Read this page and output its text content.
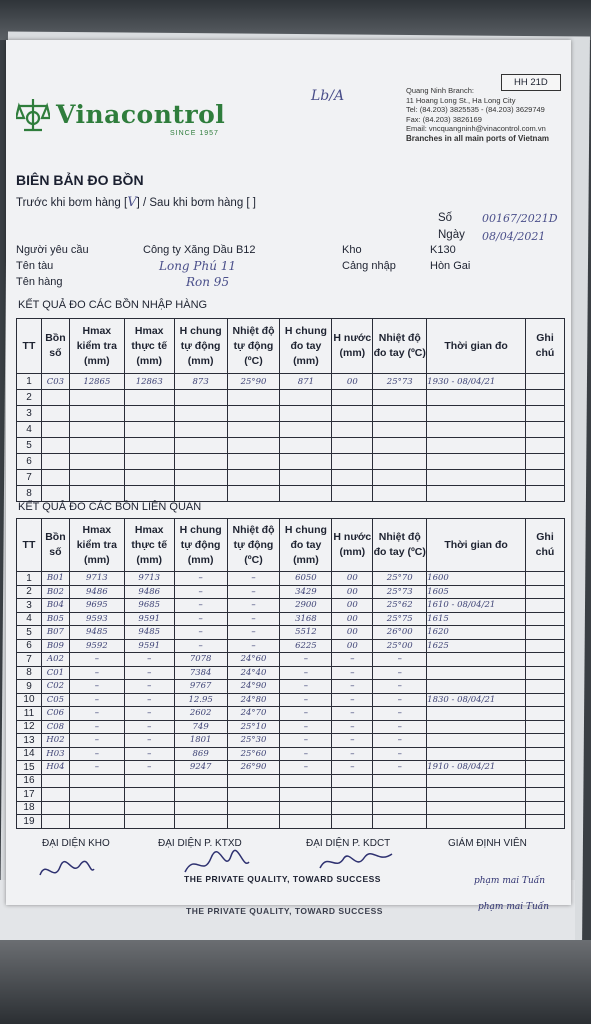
Vinacontrol
SINCE 1957
Lb/A	Quang Ninh Branch:
11 Hoang Long St., Ha Long City
Tel: (84.203) 3825535 - (84.203) 3629749
Fax: (84.203) 3826169
Email: vncquangninh@vinacontrol.com.vn
Branches in all main ports of Vietnam
HH 21D
BIÊN BẢN ĐO BỒN
Trước khi bơm hàng [V] / Sau khi bơm hàng [ ]
Số	00167/2021D
Ngày 08/04/2021
Người yêu cầu	Công ty Xăng Dầu B12
Tên tàu	Long Phú 11
Tên hàng	Ron 95
Kho	K130
Cảng nhập	Hòn Gai
KẾT QUẢ ĐO CÁC BỒN NHẬP HÀNG
TT	Bồn số	Hmax kiểm tra (mm)	Hmax thực tế (mm)	H chung tự động (mm)	Nhiệt độ tự động (ºC)	H chung đo tay (mm)	H nước (mm)	Nhiệt độ đo tay (ºC)	Thời gian đo	Ghi chú
1	C03	12865	12863	873	25°90	871	00	25°73	1930 - 08/04/21	
2										
3										
4										
5										
6										
7										
8										
KẾT QUẢ ĐO CÁC BỒN LIÊN QUAN
TT	Bồn số	Hmax kiểm tra (mm)	Hmax thực tế (mm)	H chung tự động (mm)	Nhiệt độ tự động (ºC)	H chung đo tay (mm)	H nước (mm)	Nhiệt độ đo tay (ºC)	Thời gian đo	Ghi chú
1	B01	9713	9713	–	–	6050	00	25°70	1600	
2	B02	9486	9486	–	–	3429	00	25°73	1605	
3	B04	9695	9685	–	–	2900	00	25°62	1610 - 08/04/21	
4	B05	9593	9591	–	–	3168	00	25°75	1615	
5	B07	9485	9485	–	–	5512	00	26°00	1620	
6	B09	9592	9591	–	–	6225	00	25°00	1625	
7	A02	–	–	7078	24°60	–	–	–		
8	C01	–	–	7384	24°40	–	–	–		
9	C02	–	–	9767	24°90	–	–	–		
10	C05	–	–	12.95	24°80	–	–	–	1830 - 08/04/21	
11	C06	–	–	2602	24°70	–	–	–		
12	C08	–	–	749	25°10	–	–	–		
13	H02	–	–	1801	25°30	–	–	–		
14	H03	–	–	869	25°60	–	–	–		
15	H04	–	–	9247	26°90	–	–	–	1910 - 08/04/21	
16										
17										
18										
19										
ĐẠI DIỆN KHO	ĐẠI DIỆN P. KTXD	ĐẠI DIỆN P. KDCT	GIÁM ĐỊNH VIÊN
phạm mai Tuấn
THE PRIVATE QUALITY, TOWARD SUCCESS
THE PRIVATE QUALITY, TOWARD SUCCESS	phạm mai Tuấn
